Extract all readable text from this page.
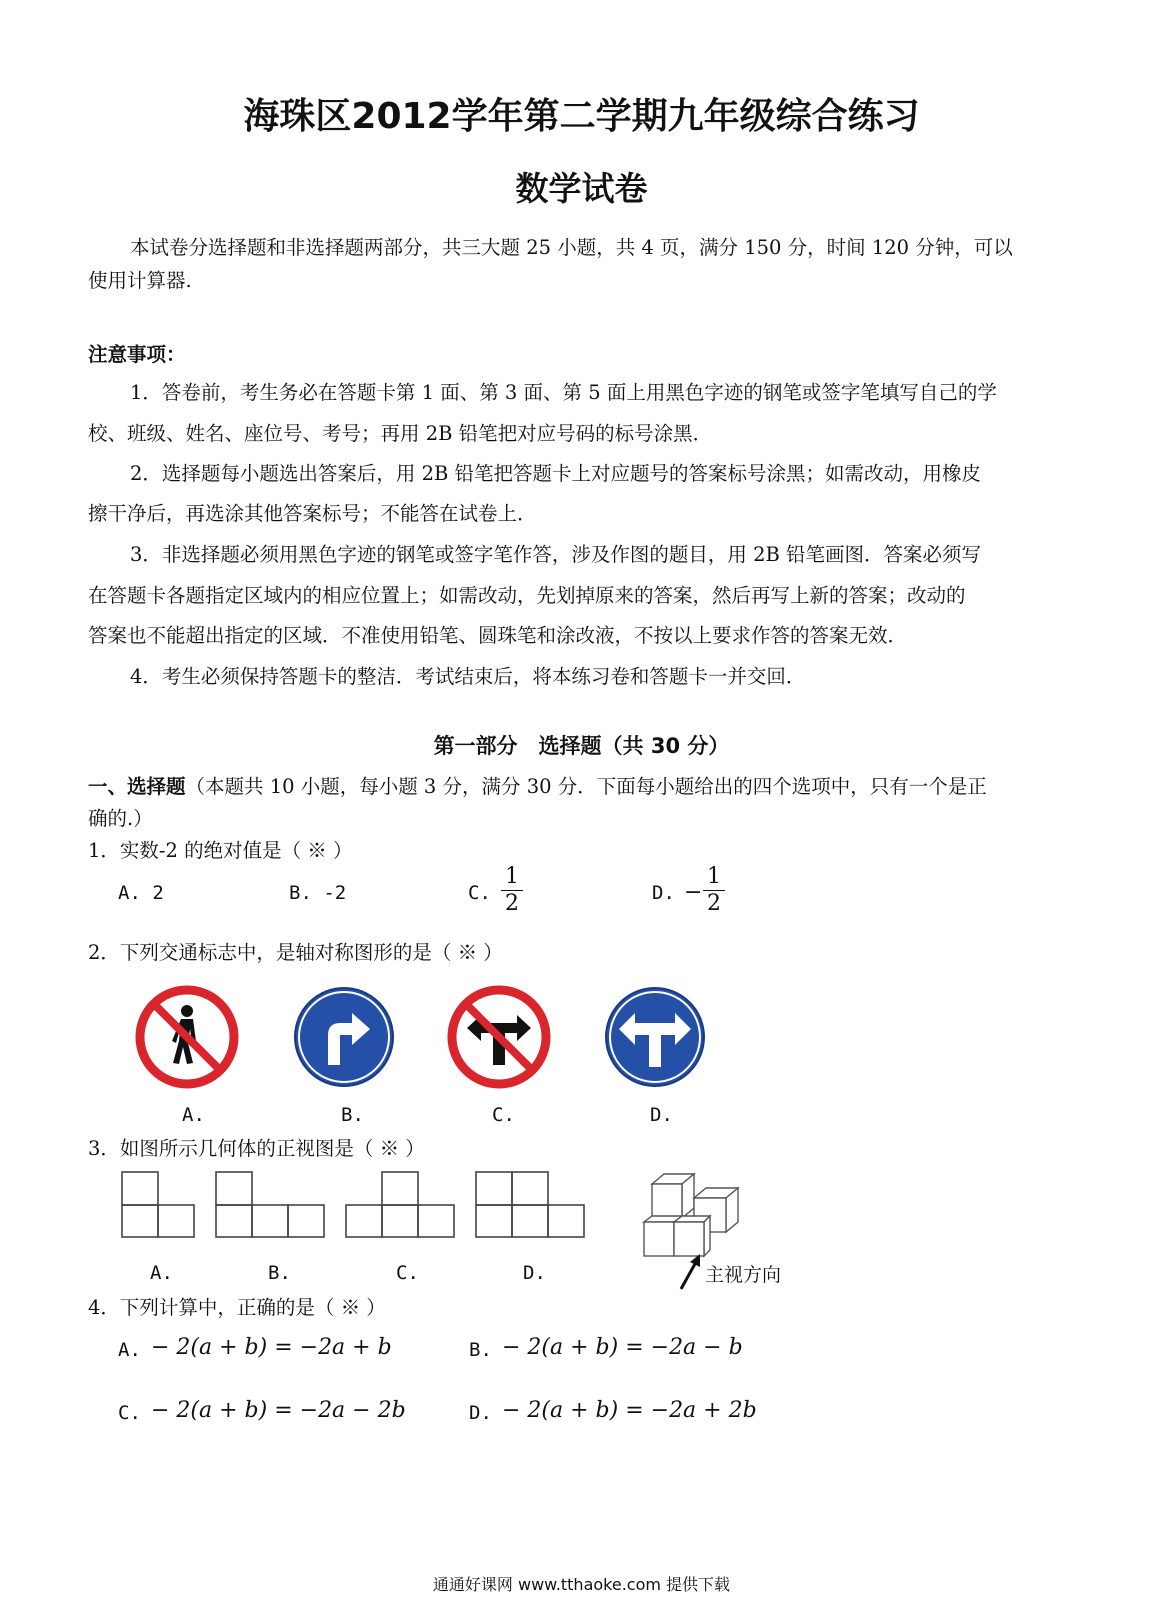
海珠区2012学年第二学期九年级综合练习
数学试卷
本试卷分选择题和非选择题两部分，共三大题 25 小题，共 4 页，满分 150 分，时间 120 分钟，可以
使用计算器.
注意事项：
1．答卷前，考生务必在答题卡第 1 面、第 3 面、第 5 面上用黑色字迹的钢笔或签字笔填写自己的学
校、班级、姓名、座位号、考号；再用 2B 铅笔把对应号码的标号涂黑．
2．选择题每小题选出答案后，用 2B 铅笔把答题卡上对应题号的答案标号涂黑；如需改动，用橡皮
擦干净后，再选涂其他答案标号；不能答在试卷上．
3．非选择题必须用黑色字迹的钢笔或签字笔作答，涉及作图的题目，用 2B 铅笔画图．答案必须写
在答题卡各题指定区域内的相应位置上；如需改动，先划掉原来的答案，然后再写上新的答案；改动的
答案也不能超出指定的区域．不准使用铅笔、圆珠笔和涂改液，不按以上要求作答的答案无效．
4．考生必须保持答题卡的整洁．考试结束后，将本练习卷和答题卡一并交回．
第一部分　选择题（共 30 分）
一、选择题（本题共 10 小题，每小题 3 分，满分 30 分．下面每小题给出的四个选项中，只有一个是正
确的.）
1．实数-2 的绝对值是（ ※ ）
A. 2	B. -2	C.
1
2	D. −
1
2
2．下列交通标志中，是轴对称图形的是（ ※ ）
A.	B.	C.	D.
3．如图所示几何体的正视图是（ ※ ）
主视方向
A.	B.	C.	D.
4．下列计算中，正确的是（ ※ ）
A. − 2(a + b) = −2a + b	B. − 2(a + b) = −2a − b
C. − 2(a + b) = −2a − 2b	D. − 2(a + b) = −2a + 2b
通通好课网 www.tthaoke.com 提供下载
